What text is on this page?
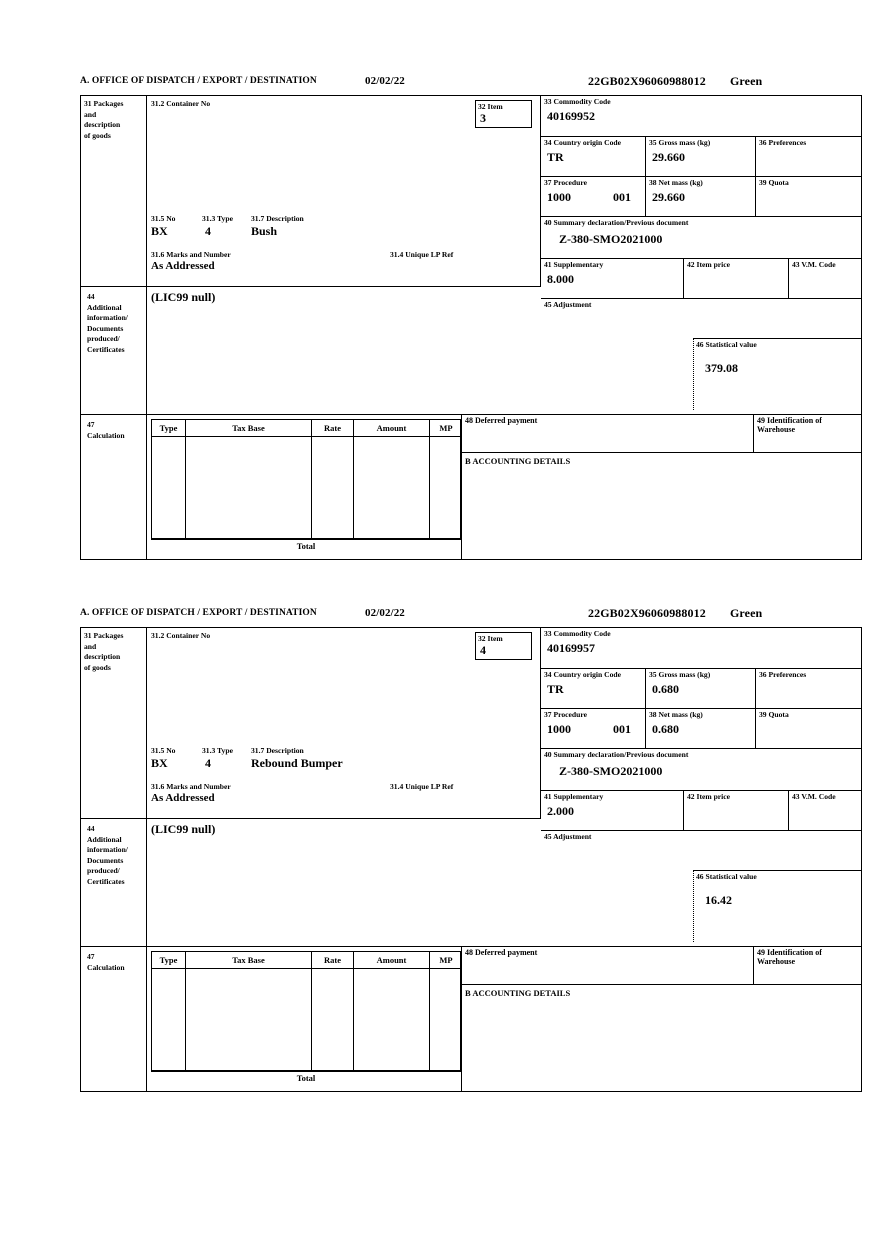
A. OFFICE OF DISPATCH / EXPORT / DESTINATION	02/02/22	22GB02X96060988012 Green
31 Packages
and
description
of goods
44
Additional
information/
Documents
produced/
Certificates
47
Calculation
31.2 Container No
31.5 No	31.3 Type 31.7 Description
BX	4	Bush
31.6 Marks and Number	31.4 Unique LP Ref
As Addressed
32 Item
3
33 Commodity Code
40169952
34 Country origin Code
TR
35 Gross mass (kg)
29.660
36 Preferences
37 Procedure
1000	001
38 Net mass (kg)
29.660
39 Quota
40 Summary declaration/Previous document
Z-380-SMO2021000
41 Supplementary
8.000
42 Item price	43 V.M. Code
45 Adjustment
46 Statistical value
379.08
(LIC99 null)
Type	Tax Base	Rate	Amount	MP
Total
48 Deferred payment	49 Identification of Warehouse
B ACCOUNTING DETAILS
A. OFFICE OF DISPATCH / EXPORT / DESTINATION	02/02/22	22GB02X96060988012 Green
31 Packages
and
description
of goods
44
Additional
information/
Documents
produced/
Certificates
47
Calculation
31.2 Container No
31.5 No	31.3 Type 31.7 Description
BX	4	Rebound Bumper
31.6 Marks and Number	31.4 Unique LP Ref
As Addressed
32 Item
4
33 Commodity Code
40169957
34 Country origin Code
TR
35 Gross mass (kg)
0.680
36 Preferences
37 Procedure
1000	001
38 Net mass (kg)
0.680
39 Quota
40 Summary declaration/Previous document
Z-380-SMO2021000
41 Supplementary
2.000
42 Item price	43 V.M. Code
45 Adjustment
46 Statistical value
16.42
(LIC99 null)
Type	Tax Base	Rate	Amount	MP
Total
48 Deferred payment	49 Identification of Warehouse
B ACCOUNTING DETAILS
